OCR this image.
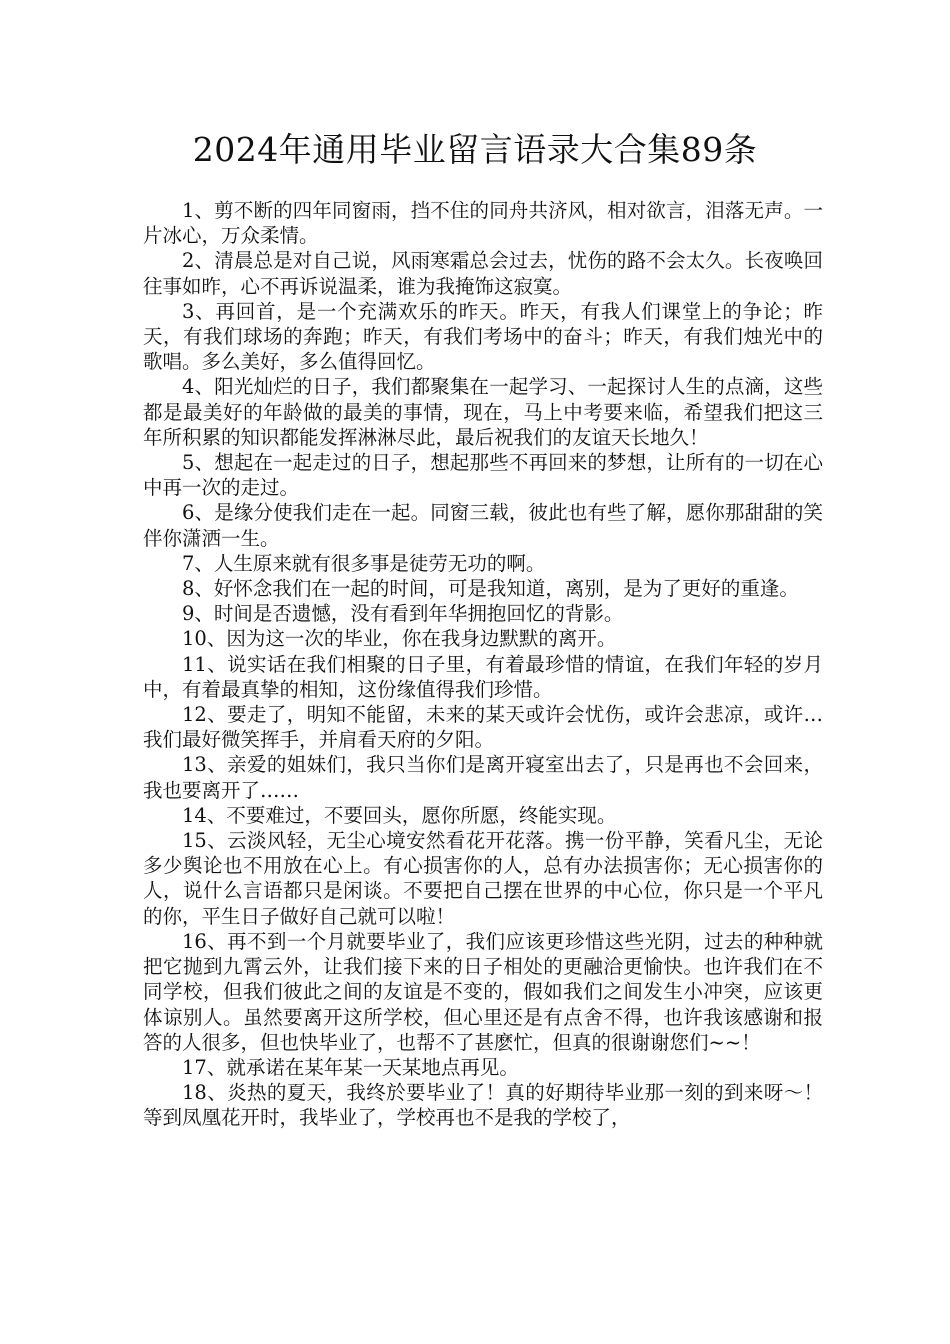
2024年通用毕业留言语录大合集89条

1、剪不断的四年同窗雨，挡不住的同舟共济风，相对欲言，泪落无声。一片冰心，万众柔情。

2、清晨总是对自己说，风雨寒霜总会过去，忧伤的路不会太久。长夜唤回往事如昨，心不再诉说温柔，谁为我掩饰这寂寞。

3、再回首，是一个充满欢乐的昨天。昨天，有我人们课堂上的争论；昨天，有我们球场的奔跑；昨天，有我们考场中的奋斗；昨天，有我们烛光中的歌唱。多么美好，多么值得回忆。

4、阳光灿烂的日子，我们都聚集在一起学习、一起探讨人生的点滴，这些都是最美好的年龄做的最美的事情，现在，马上中考要来临，希望我们把这三年所积累的知识都能发挥淋淋尽此，最后祝我们的友谊天长地久！

5、想起在一起走过的日子，想起那些不再回来的梦想，让所有的一切在心中再一次的走过。

6、是缘分使我们走在一起。同窗三载，彼此也有些了解，愿你那甜甜的笑伴你潇洒一生。

7、人生原来就有很多事是徒劳无功的啊。

8、好怀念我们在一起的时间，可是我知道，离别，是为了更好的重逢。

9、时间是否遗憾，没有看到年华拥抱回忆的背影。

10、因为这一次的毕业，你在我身边默默的离开。

11、说实话在我们相聚的日子里，有着最珍惜的情谊，在我们年轻的岁月中，有着最真挚的相知，这份缘值得我们珍惜。

12、要走了，明知不能留，未来的某天或许会忧伤，或许会悲凉，或许…我们最好微笑挥手，并肩看天府的夕阳。

13、亲爱的姐妹们，我只当你们是离开寝室出去了，只是再也不会回来，我也要离开了……

14、不要难过，不要回头，愿你所愿，终能实现。

15、云淡风轻，无尘心境安然看花开花落。携一份平静，笑看凡尘，无论多少舆论也不用放在心上。有心损害你的人，总有办法损害你；无心损害你的人，说什么言语都只是闲谈。不要把自己摆在世界的中心位，你只是一个平凡的你，平生日子做好自己就可以啦！

16、再不到一个月就要毕业了，我们应该更珍惜这些光阴，过去的种种就把它抛到九霄云外，让我们接下来的日子相处的更融洽更愉快。也许我们在不同学校，但我们彼此之间的友谊是不变的，假如我们之间发生小冲突，应该更体谅别人。虽然要离开这所学校，但心里还是有点舍不得，也许我该感谢和报答的人很多，但也快毕业了，也帮不了甚麽忙，但真的很谢谢您们~~！

17、就承诺在某年某一天某地点再见。

18、炎热的夏天，我终於要毕业了！真的好期待毕业那一刻的到来呀～！等到凤凰花开时，我毕业了，学校再也不是我的学校了，
